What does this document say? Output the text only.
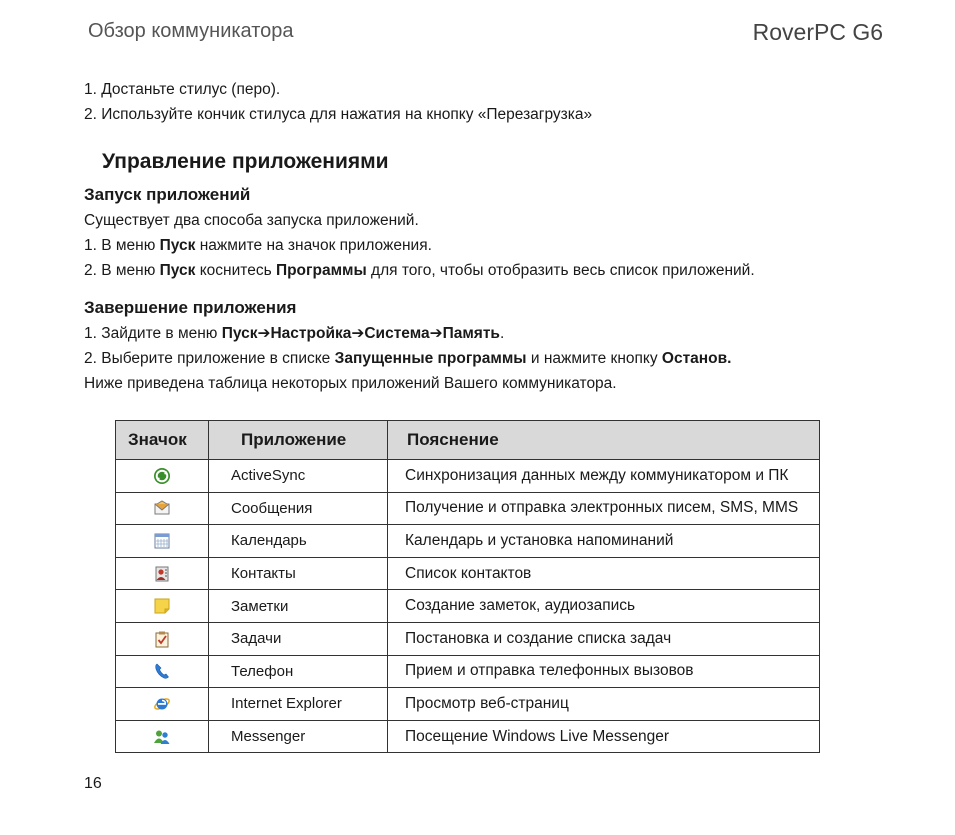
Обзор коммуникатора	RoverPC G6
1. Достаньте стилус (перо).
2. Используйте кончик стилуса для нажатия на кнопку «Перезагрузка»
Управление приложениями
Запуск приложений
Существует два способа запуска приложений.
1. В меню Пуск нажмите на значок приложения.
2. В меню Пуск коснитесь Программы для того, чтобы отобразить весь список приложений.
Завершение приложения
1. Зайдите в меню Пуск➔Настройка➔Система➔Память.
2. Выберите приложение в списке Запущенные программы и нажмите кнопку Останов.
Ниже приведена таблица некоторых приложений Вашего коммуникатора.
Значок	Приложение	Пояснение
	ActiveSync	Синхронизация данных между коммуникатором и ПК
	Сообщения	Получение и отправка электронных писем, SMS, MMS
	Календарь	Календарь и установка напоминаний
	Контакты	Список контактов
	Заметки	Создание заметок, аудиозапись
	Задачи	Постановка и создание списка задач
	Телефон	Прием и отправка телефонных вызовов
	Internet Explorer	Просмотр веб-страниц
	Messenger	Посещение Windows Live Messenger
16
